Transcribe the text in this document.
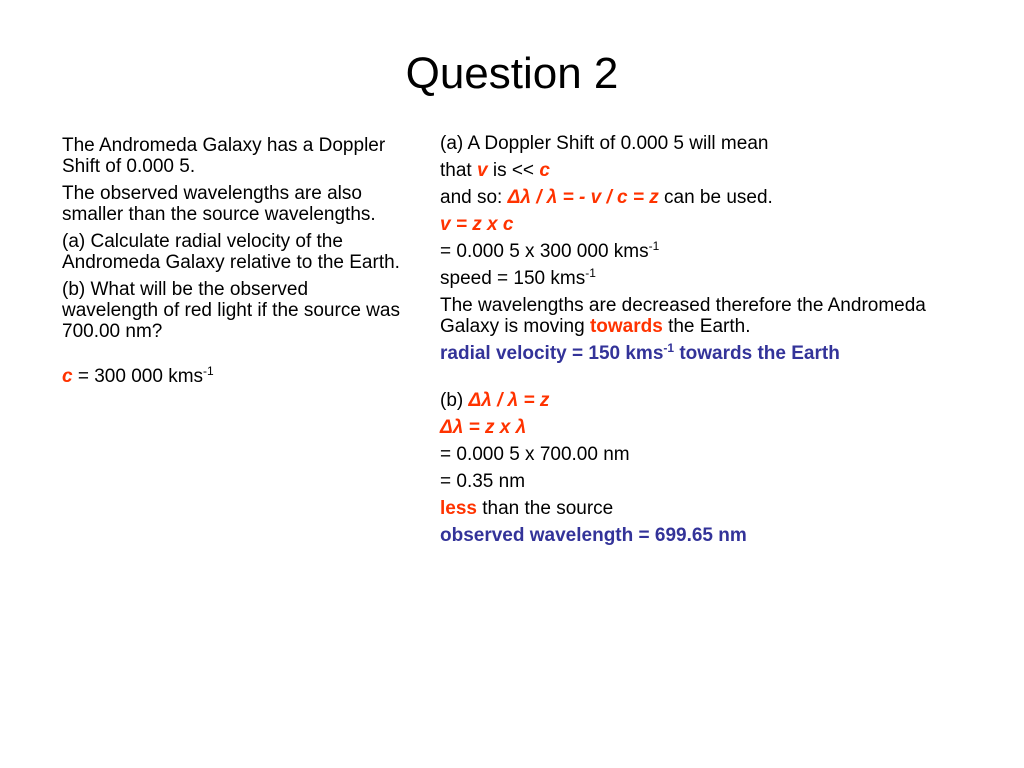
Question 2

The Andromeda Galaxy has a Doppler Shift of 0.000 5.

The observed wavelengths are also smaller than the source wavelengths.

(a) Calculate radial velocity of the Andromeda Galaxy relative to the Earth.

(b) What will be the observed wavelength of red light if the source was 700.00 nm?

c = 300 000 kms$^{-1}$

(a) A Doppler Shift of 0.000 5 will mean

that v is << c

and so: Δλ / λ = - v / c = z can be used.

v = z x c

= 0.000 5 x 300 000 kms$^{-1}$

speed = 150 kms$^{-1}$

The wavelengths are decreased therefore the Andromeda Galaxy is moving towards the Earth.

radial velocity = 150 kms$^{-1}$ towards the Earth

(b) Δλ / λ = z

Δλ = z x λ

= 0.000 5 x 700.00 nm

= 0.35 nm

less than the source

observed wavelength = 699.65 nm
